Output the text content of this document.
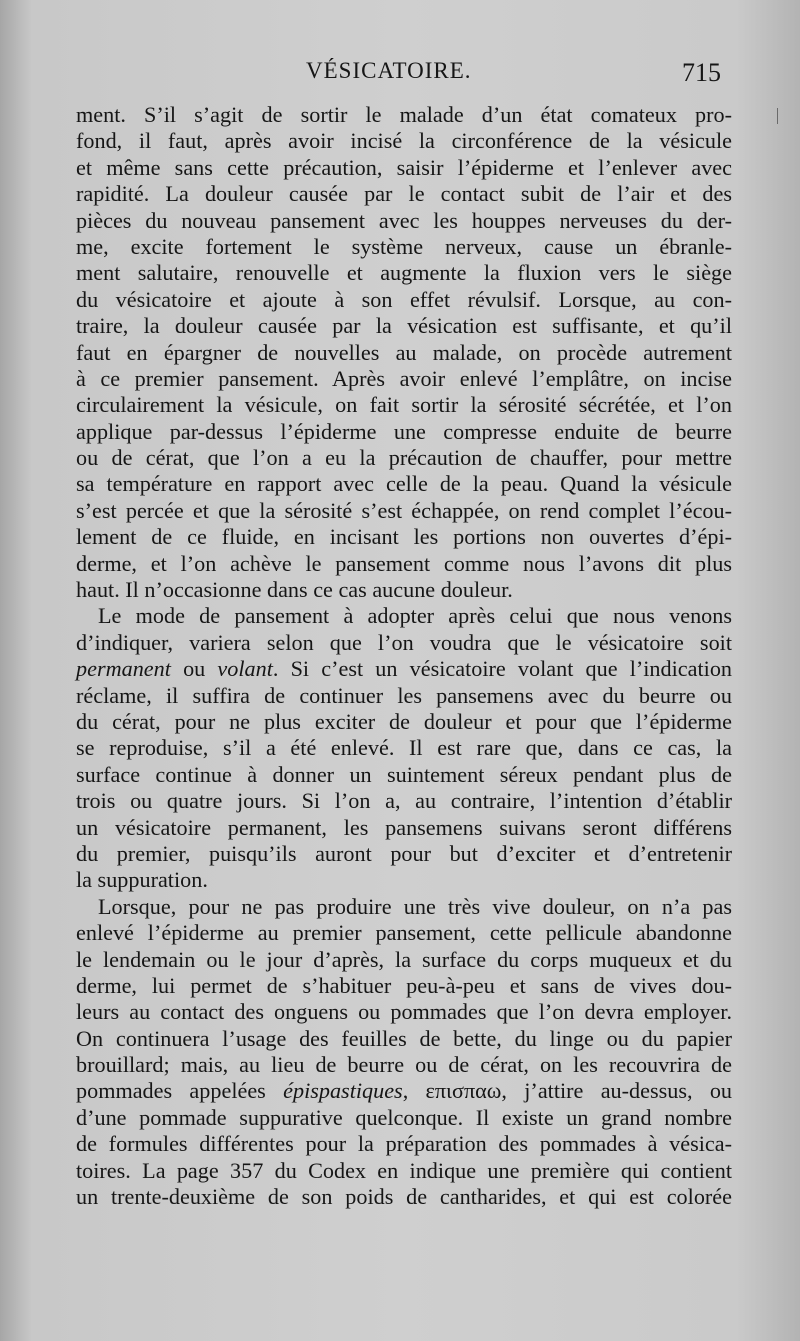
VÉSICATOIRE.	715
ment. S’il s’agit de sortir le malade d’un état comateux pro-
fond, il faut, après avoir incisé la circonférence de la vésicule
et même sans cette précaution, saisir l’épiderme et l’enlever avec
rapidité. La douleur causée par le contact subit de l’air et des
pièces du nouveau pansement avec les houppes nerveuses du der-
me, excite fortement le système nerveux, cause un ébranle-
ment salutaire, renouvelle et augmente la fluxion vers le siège
du vésicatoire et ajoute à son effet révulsif. Lorsque, au con-
traire, la douleur causée par la vésication est suffisante, et qu’il
faut en épargner de nouvelles au malade, on procède autrement
à ce premier pansement. Après avoir enlevé l’emplâtre, on incise
circulairement la vésicule, on fait sortir la sérosité sécrétée, et l’on
applique par-dessus l’épiderme une compresse enduite de beurre
ou de cérat, que l’on a eu la précaution de chauffer, pour mettre
sa température en rapport avec celle de la peau. Quand la vésicule
s’est percée et que la sérosité s’est échappée, on rend complet l’écou-
lement de ce fluide, en incisant les portions non ouvertes d’épi-
derme, et l’on achève le pansement comme nous l’avons dit plus
haut. Il n’occasionne dans ce cas aucune douleur.
Le mode de pansement à adopter après celui que nous venons
d’indiquer, variera selon que l’on voudra que le vésicatoire soit
permanent ou volant. Si c’est un vésicatoire volant que l’indication
réclame, il suffira de continuer les pansemens avec du beurre ou
du cérat, pour ne plus exciter de douleur et pour que l’épiderme
se reproduise, s’il a été enlevé. Il est rare que, dans ce cas, la
surface continue à donner un suintement séreux pendant plus de
trois ou quatre jours. Si l’on a, au contraire, l’intention d’établir
un vésicatoire permanent, les pansemens suivans seront différens
du premier, puisqu’ils auront pour but d’exciter et d’entretenir
la suppuration.
Lorsque, pour ne pas produire une très vive douleur, on n’a pas
enlevé l’épiderme au premier pansement, cette pellicule abandonne
le lendemain ou le jour d’après, la surface du corps muqueux et du
derme, lui permet de s’habituer peu-à-peu et sans de vives dou-
leurs au contact des onguens ou pommades que l’on devra employer.
On continuera l’usage des feuilles de bette, du linge ou du papier
brouillard; mais, au lieu de beurre ou de cérat, on les recouvrira de
pommades appelées épispastiques, επισπαω, j’attire au-dessus, ou
d’une pommade suppurative quelconque. Il existe un grand nombre
de formules différentes pour la préparation des pommades à vésica-
toires. La page 357 du Codex en indique une première qui contient
un trente-deuxième de son poids de cantharides, et qui est colorée
